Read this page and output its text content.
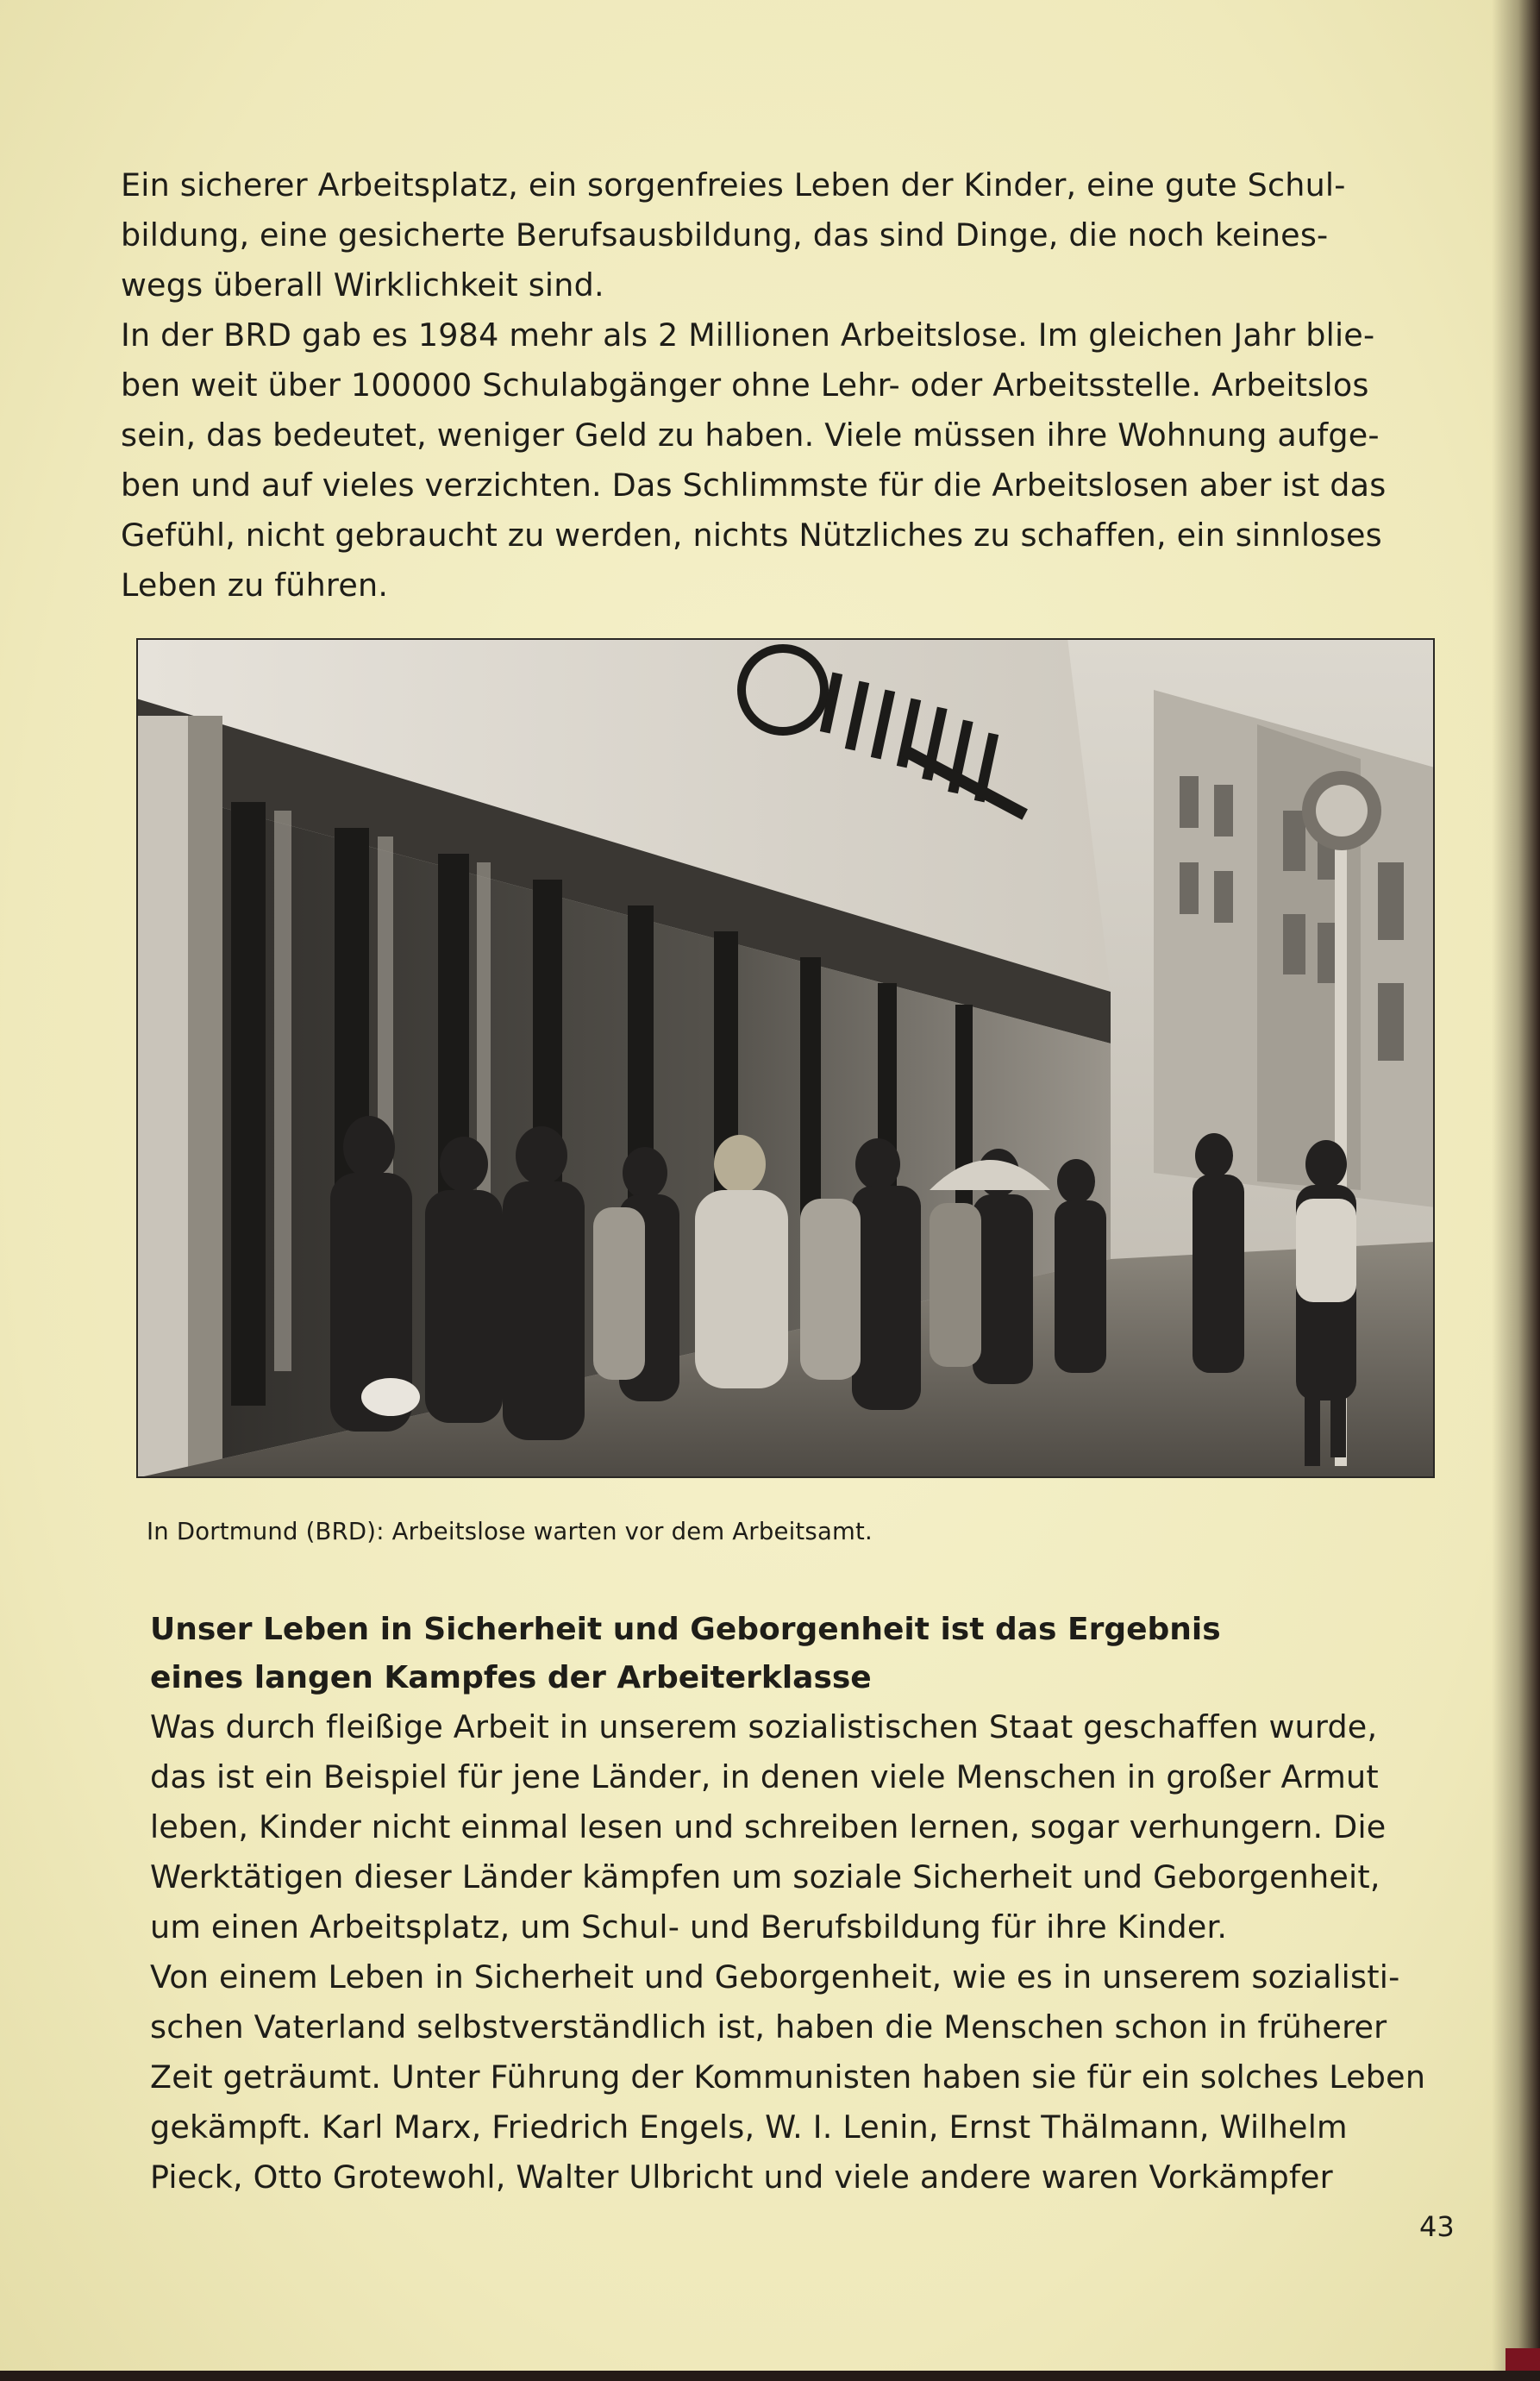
Ein sicherer Arbeitsplatz, ein sorgenfreies Leben der Kinder, eine gute Schul-
bildung, eine gesicherte Berufsausbildung, das sind Dinge, die noch keines-
wegs überall Wirklichkeit sind.
In der BRD gab es 1984 mehr als 2 Millionen Arbeitslose. Im gleichen Jahr blie-
ben weit über 100000 Schulabgänger ohne Lehr- oder Arbeitsstelle. Arbeitslos
sein, das bedeutet, weniger Geld zu haben. Viele müssen ihre Wohnung aufge-
ben und auf vieles verzichten. Das Schlimmste für die Arbeitslosen aber ist das
Gefühl, nicht gebraucht zu werden, nichts Nützliches zu schaffen, ein sinnloses
Leben zu führen.

In Dortmund (BRD): Arbeitslose warten vor dem Arbeitsamt.
Unser Leben in Sicherheit und Geborgenheit ist das Ergebnis
eines langen Kampfes der Arbeiterklasse

Was durch fleißige Arbeit in unserem sozialistischen Staat geschaffen wurde,
das ist ein Beispiel für jene Länder, in denen viele Menschen in großer Armut
leben, Kinder nicht einmal lesen und schreiben lernen, sogar verhungern. Die
Werktätigen dieser Länder kämpfen um soziale Sicherheit und Geborgenheit,
um einen Arbeitsplatz, um Schul- und Berufsbildung für ihre Kinder.
Von einem Leben in Sicherheit und Geborgenheit, wie es in unserem sozialisti-
schen Vaterland selbstverständlich ist, haben die Menschen schon in früherer
Zeit geträumt. Unter Führung der Kommunisten haben sie für ein solches Leben
gekämpft. Karl Marx, Friedrich Engels, W. I. Lenin, Ernst Thälmann, Wilhelm
Pieck, Otto Grotewohl, Walter Ulbricht und viele andere waren Vorkämpfer

43
